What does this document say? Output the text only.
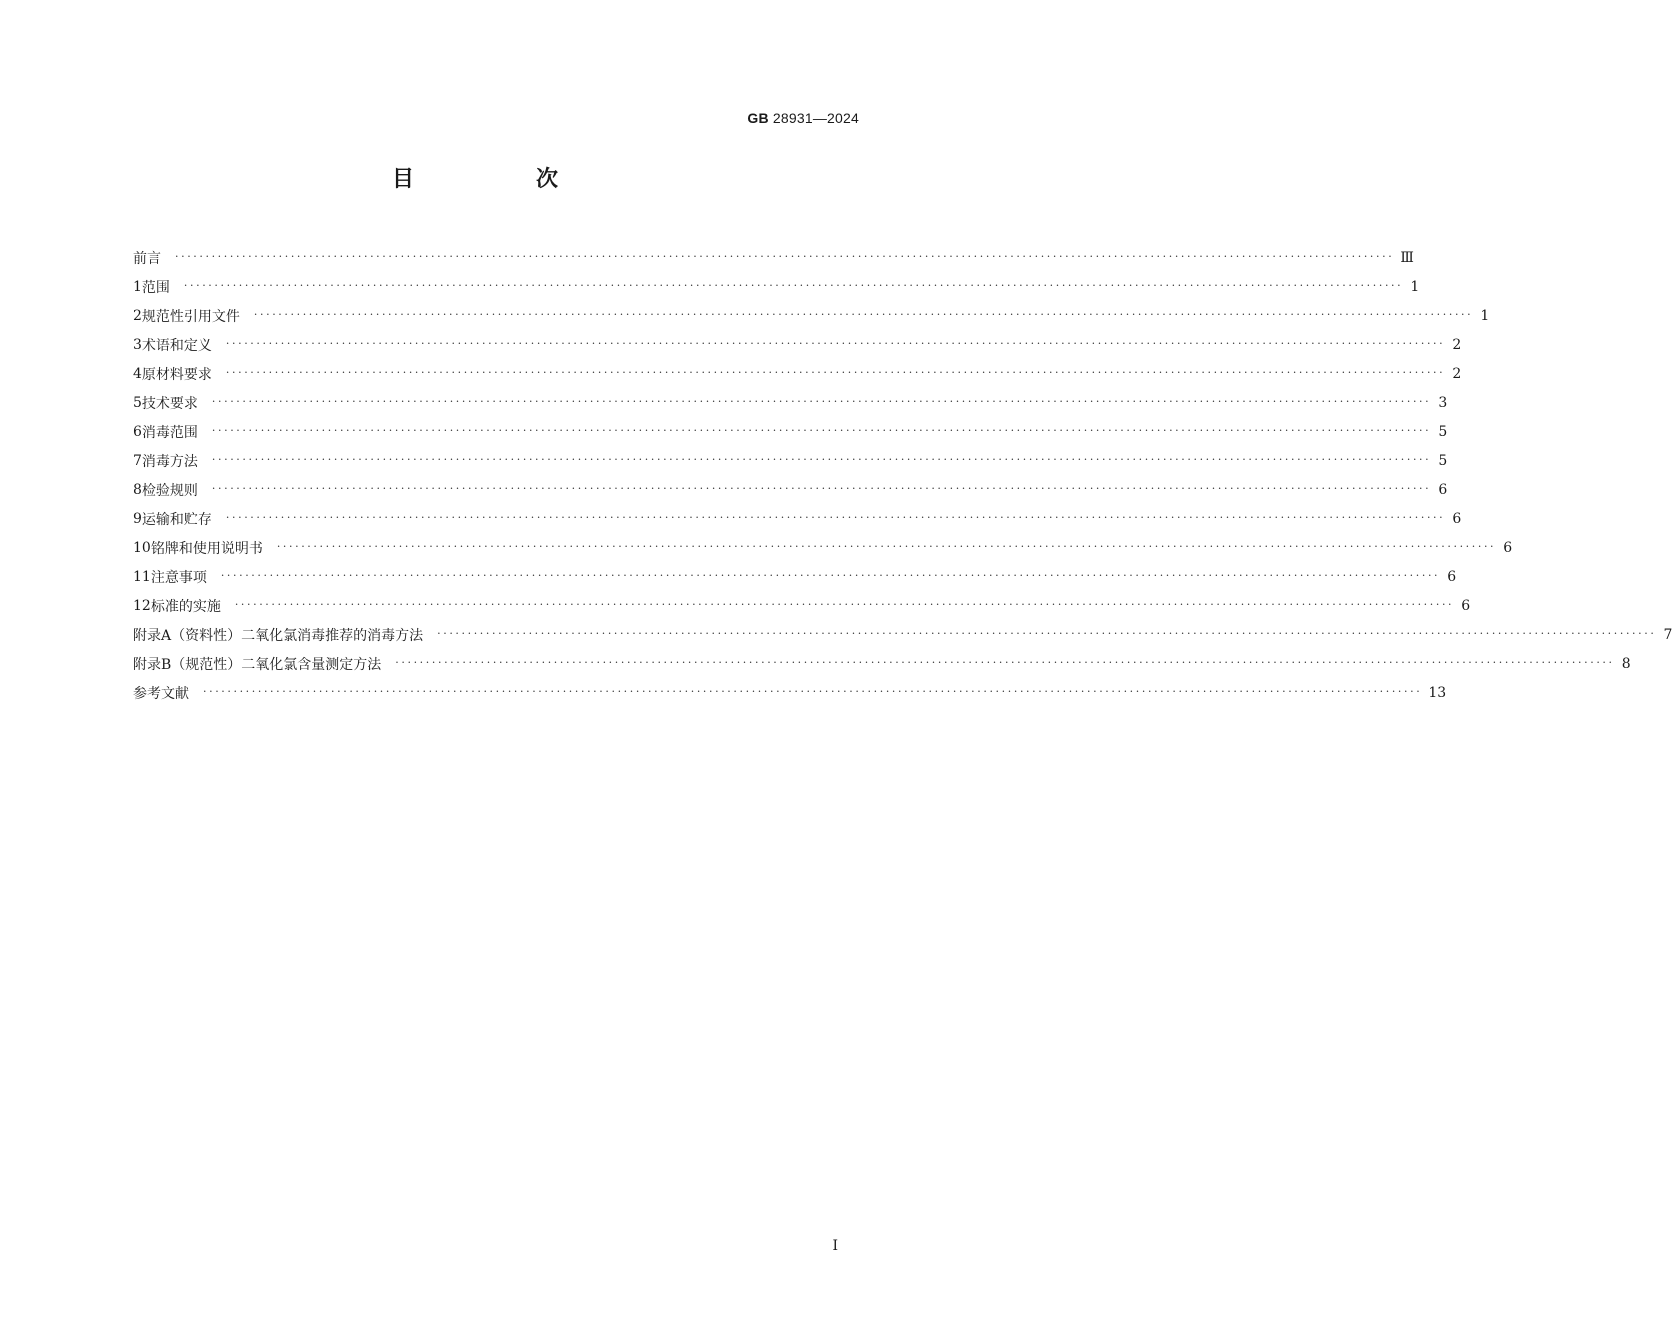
GB 28931—2024
目　次
前言 ········································································································································································································ Ⅲ
1 范围 ········································································································································································································ 1
2 规范性引用文件 ········································································································································································································ 1
3 术语和定义 ········································································································································································································ 2
4 原材料要求 ········································································································································································································ 2
5 技术要求 ········································································································································································································ 3
6 消毒范围 ········································································································································································································ 5
7 消毒方法 ········································································································································································································ 5
8 检验规则 ········································································································································································································ 6
9 运输和贮存 ········································································································································································································ 6
10 铭牌和使用说明书 ········································································································································································································ 6
11 注意事项 ········································································································································································································ 6
12 标准的实施 ········································································································································································································ 6
附录A（资料性） 二氧化氯消毒推荐的消毒方法 ········································································································································································································ 7
附录B（规范性） 二氧化氯含量测定方法 ········································································································································································································ 8
参考文献 ········································································································································································································ 13
Ⅰ
